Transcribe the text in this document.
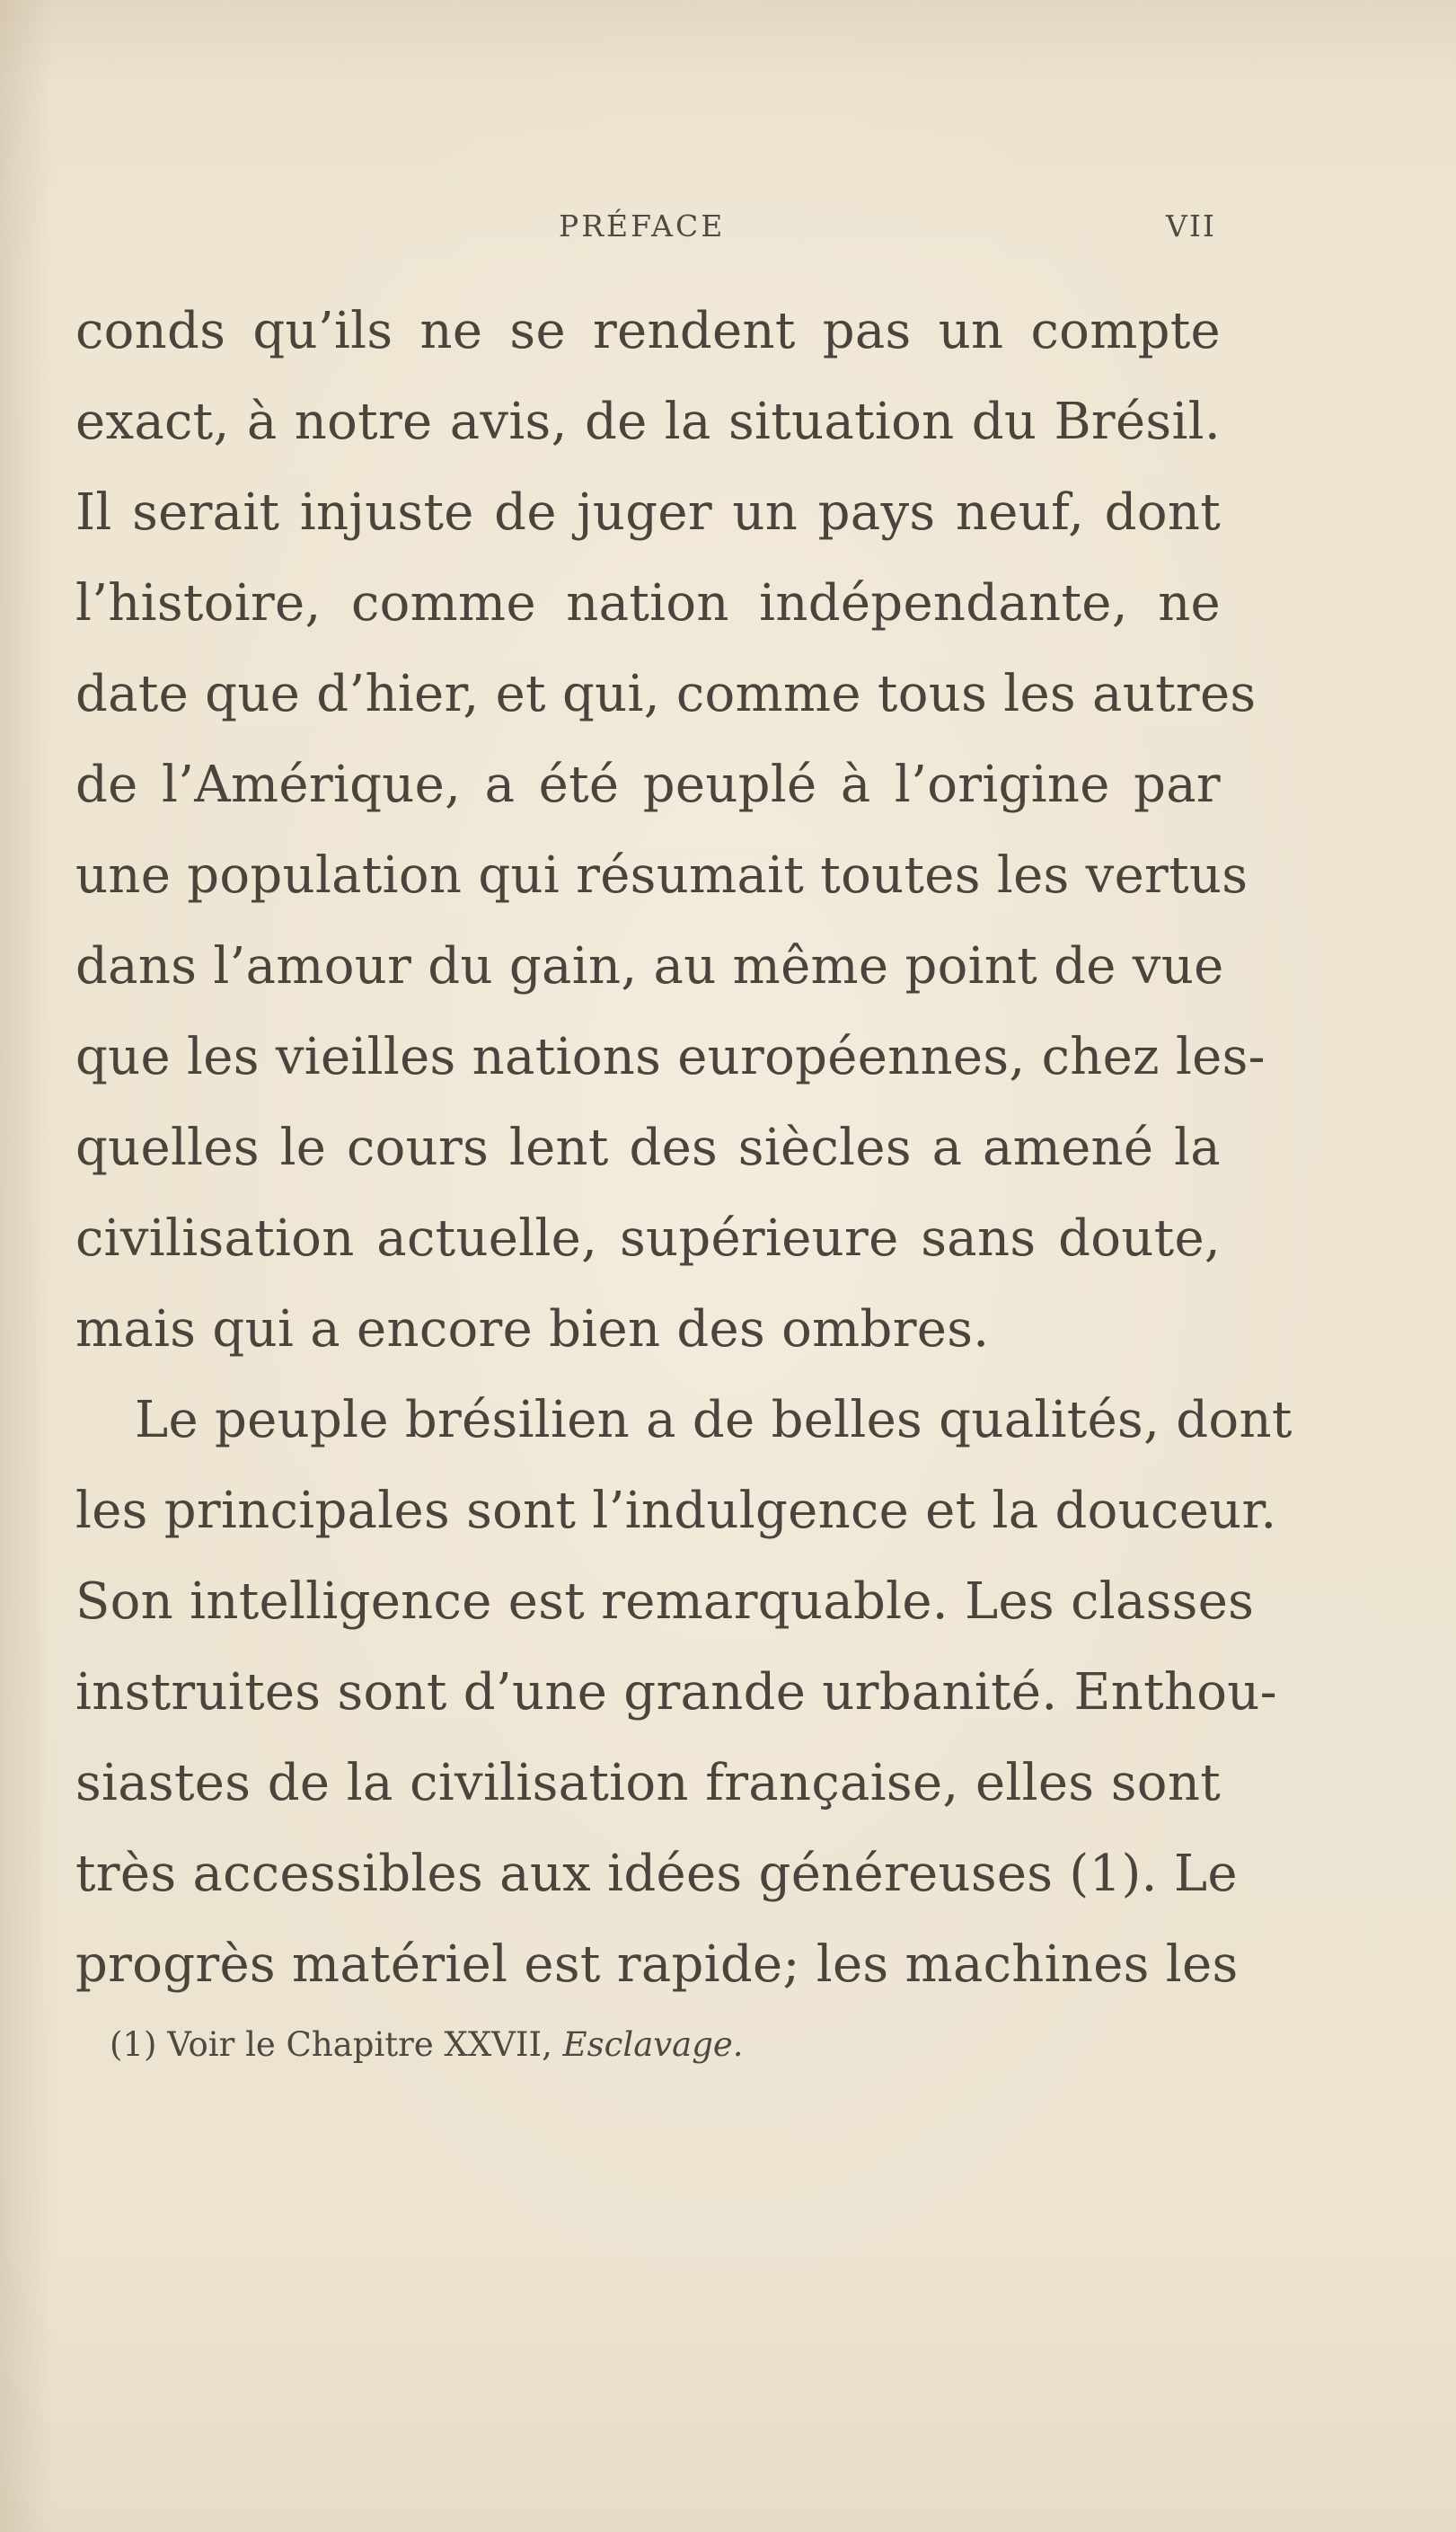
PRÉFACE	VII
conds qu’ils ne se rendent pas un compte
exact, à notre avis, de la situation du Brésil.
Il serait injuste de juger un pays neuf, dont
l’histoire, comme nation indépendante, ne
date que d’hier, et qui, comme tous les autres
de l’Amérique, a été peuplé à l’origine par
une population qui résumait toutes les vertus
dans l’amour du gain, au même point de vue
que les vieilles nations européennes, chez les-
quelles le cours lent des siècles a amené la
civilisation actuelle, supérieure sans doute,
mais qui a encore bien des ombres.
Le peuple brésilien a de belles qualités, dont
les principales sont l’indulgence et la douceur.
Son intelligence est remarquable. Les classes
instruites sont d’une grande urbanité. Enthou-
siastes de la civilisation française, elles sont
très accessibles aux idées généreuses (1). Le
progrès matériel est rapide; les machines les
(1) Voir le Chapitre XXVII, Esclavage.
